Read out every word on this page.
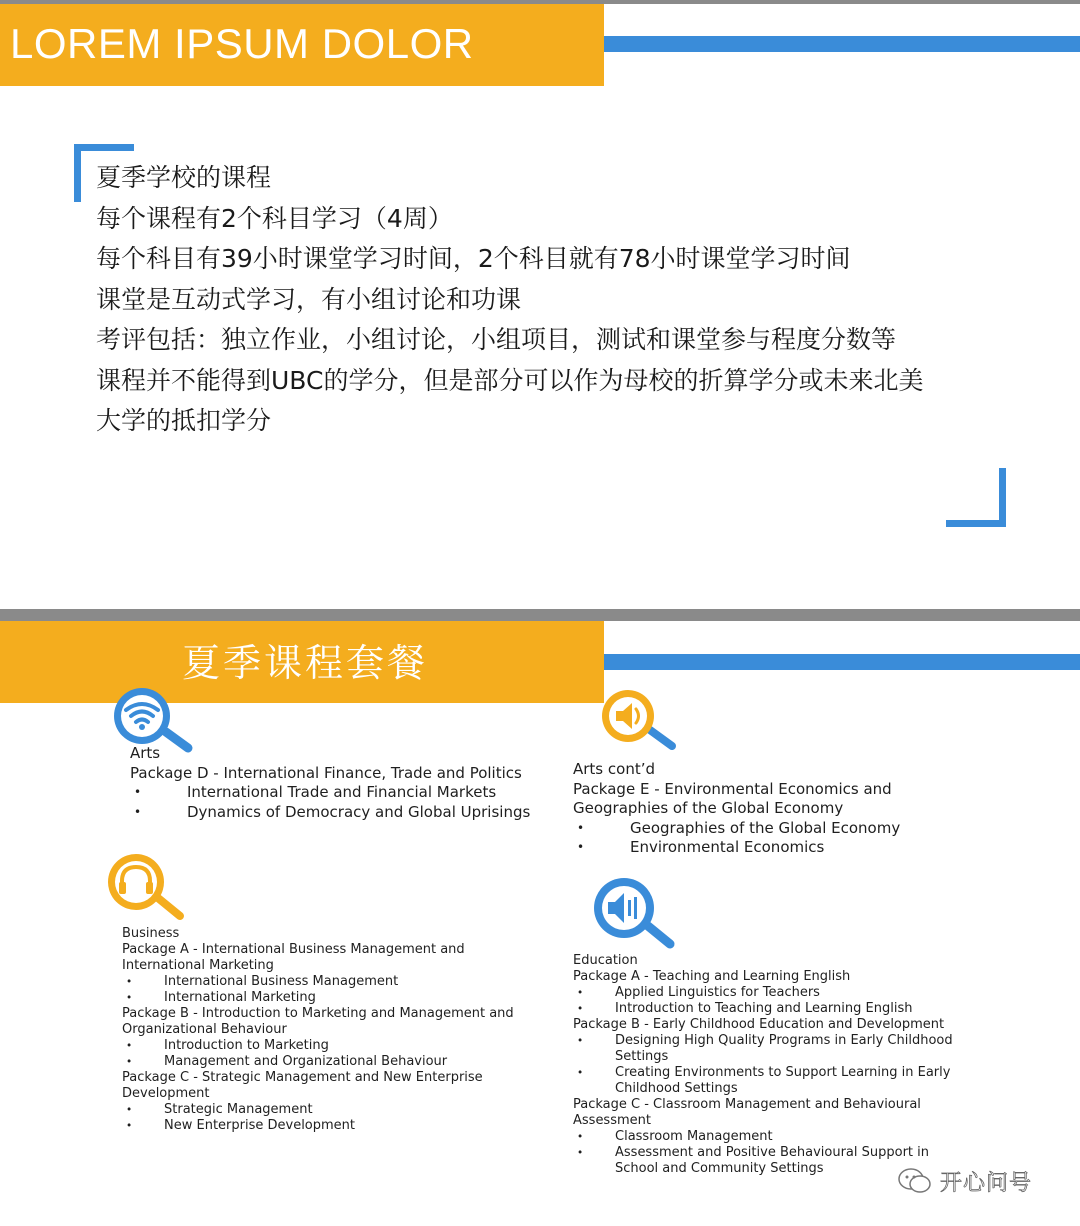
LOREM IPSUM DOLOR
夏季学校的课程
每个课程有2个科目学习（4周）
每个科目有39小时课堂学习时间，2个科目就有78小时课堂学习时间
课堂是互动式学习，有小组讨论和功课
考评包括：独立作业，小组讨论，小组项目，测试和课堂参与程度分数等
课程并不能得到UBC的学分，但是部分可以作为母校的折算学分或未来北美
大学的抵扣学分
夏季课程套餐
Arts
Package D - International Finance, Trade and Politics
• International Trade and Financial Markets
• Dynamics of Democracy and Global Uprisings
Arts cont’d
Package E - Environmental Economics and
Geographies of the Global Economy
• Geographies of the Global Economy
• Environmental Economics
Business
Package A - International Business Management and
International Marketing
• International Business Management
• International Marketing
Package B - Introduction to Marketing and Management and
Organizational Behaviour
• Introduction to Marketing
• Management and Organizational Behaviour
Package C - Strategic Management and New Enterprise
Development
• Strategic Management
• New Enterprise Development
Education
Package A - Teaching and Learning English
• Applied Linguistics for Teachers
• Introduction to Teaching and Learning English
Package B - Early Childhood Education and Development
• Designing High Quality Programs in Early Childhood
Settings
• Creating Environments to Support Learning in Early
Childhood Settings
Package C - Classroom Management and Behavioural
Assessment
• Classroom Management
• Assessment and Positive Behavioural Support in
School and Community Settings
开心问号
